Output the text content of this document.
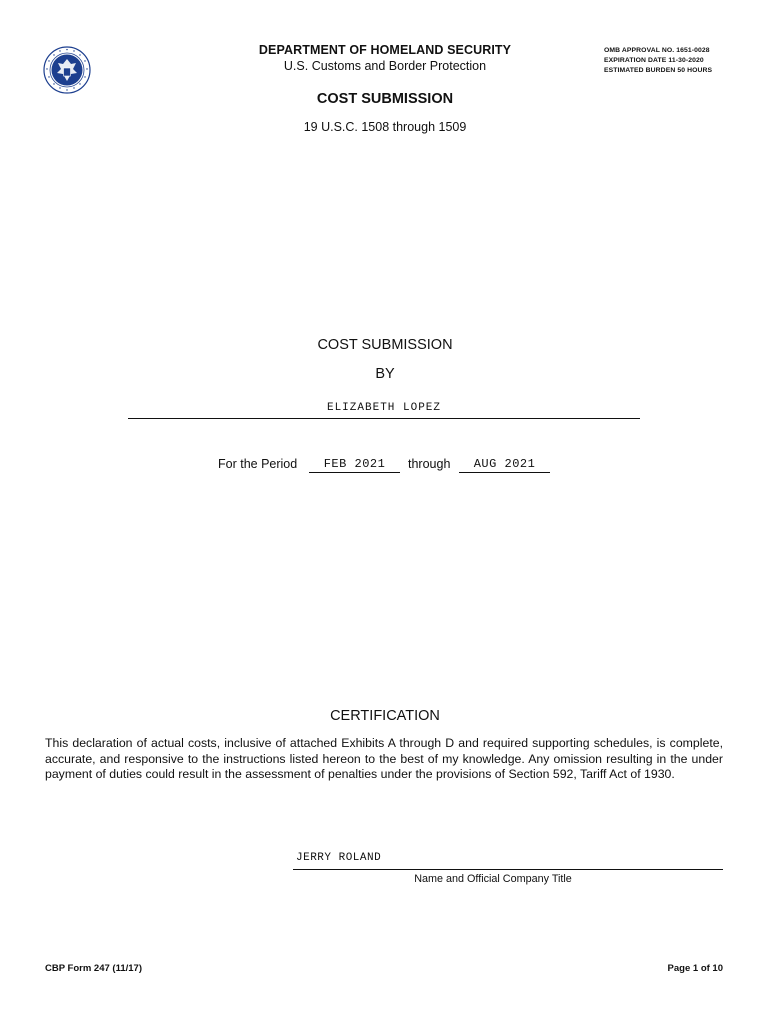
DEPARTMENT OF HOMELAND SECURITY
U.S. Customs and Border Protection
OMB APPROVAL NO. 1651-0028
EXPIRATION DATE 11-30-2020
ESTIMATED BURDEN 50 HOURS
COST SUBMISSION
19 U.S.C. 1508 through 1509
COST SUBMISSION
BY
ELIZABETH LOPEZ
For the Period	FEB 2021	through	AUG 2021
CERTIFICATION
This declaration of actual costs, inclusive of attached Exhibits A through D and required supporting schedules, is complete, accurate, and responsive to the instructions listed hereon to the best of my knowledge. Any omission resulting in the under payment of duties could result in the assessment of penalties under the provisions of Section 592, Tariff Act of 1930.
JERRY ROLAND
Name and Official Company Title
CBP Form 247 (11/17)	Page 1 of 10
